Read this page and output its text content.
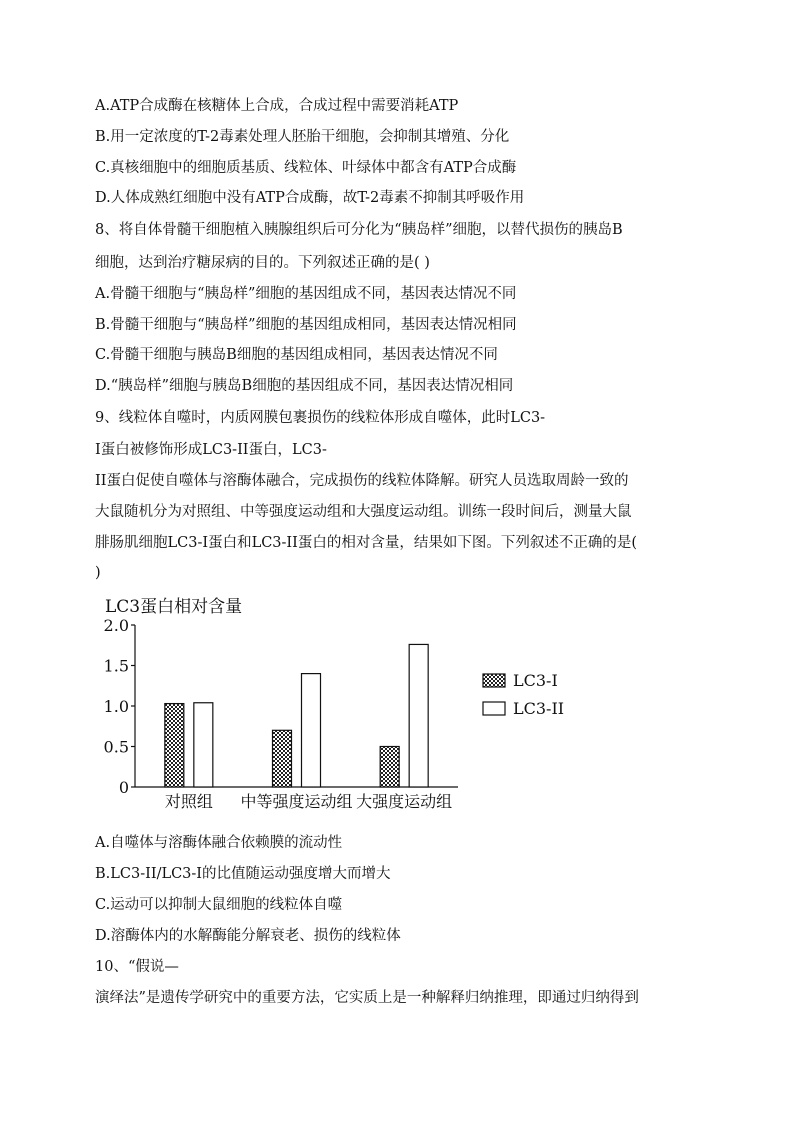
A.ATP合成酶在核糖体上合成，合成过程中需要消耗ATP
B.用一定浓度的T-2毒素处理人胚胎干细胞，会抑制其增殖、分化
C.真核细胞中的细胞质基质、线粒体、叶绿体中都含有ATP合成酶
D.人体成熟红细胞中没有ATP合成酶，故T-2毒素不抑制其呼吸作用
8、将自体骨髓干细胞植入胰腺组织后可分化为“胰岛样”细胞，以替代损伤的胰岛B
细胞，达到治疗糖尿病的目的。下列叙述正确的是( )
A.骨髓干细胞与“胰岛样”细胞的基因组成不同，基因表达情况不同
B.骨髓干细胞与“胰岛样”细胞的基因组成相同，基因表达情况相同
C.骨髓干细胞与胰岛B细胞的基因组成相同，基因表达情况不同
D.“胰岛样”细胞与胰岛B细胞的基因组成不同，基因表达情况相同
9、线粒体自噬时，内质网膜包裹损伤的线粒体形成自噬体，此时LC3-
I蛋白被修饰形成LC3-II蛋白，LC3-
II蛋白促使自噬体与溶酶体融合，完成损伤的线粒体降解。研究人员选取周龄一致的
大鼠随机分为对照组、中等强度运动组和大强度运动组。训练一段时间后，测量大鼠
腓肠肌细胞LC3-I蛋白和LC3-II蛋白的相对含量，结果如下图。下列叙述不正确的是(
)
LC3蛋白相对含量
0
0.5
1.0
1.5
2.0
对照组 中等强度运动组 大强度运动组
LC3-I
LC3-II
A.自噬体与溶酶体融合依赖膜的流动性
B.LC3-II/LC3-I的比值随运动强度增大而增大
C.运动可以抑制大鼠细胞的线粒体自噬
D.溶酶体内的水解酶能分解衰老、损伤的线粒体
10、“假说—
演绎法”是遗传学研究中的重要方法，它实质上是一种解释归纳推理，即通过归纳得到
